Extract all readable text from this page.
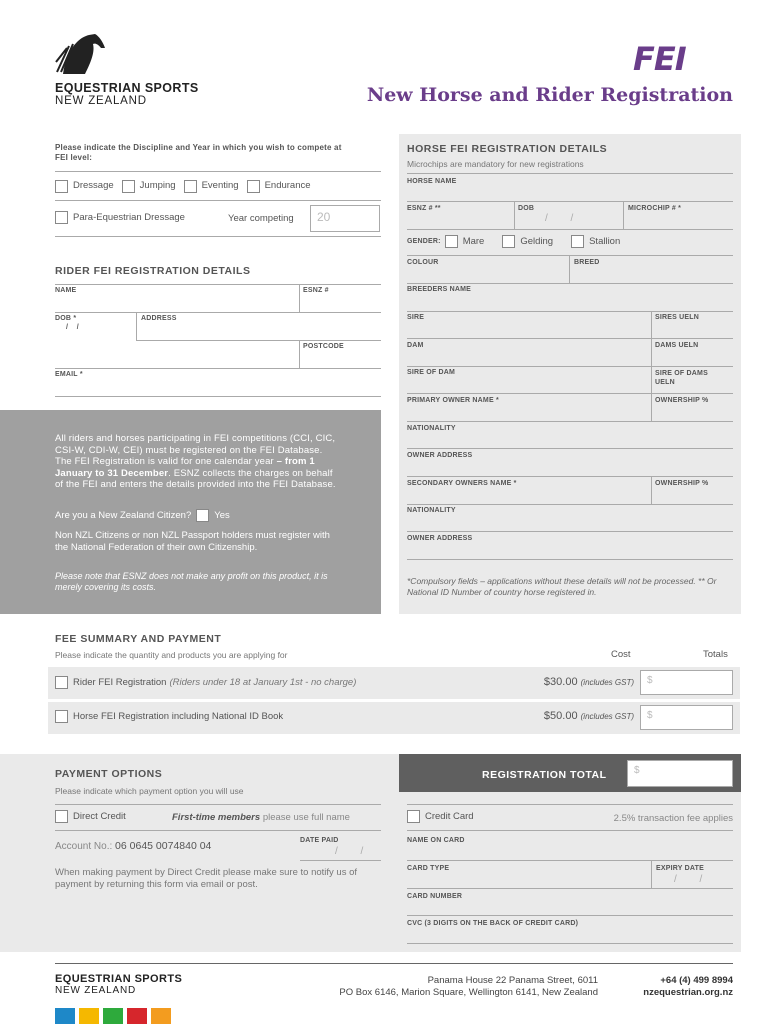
EQUESTRIAN SPORTS
NEW ZEALAND
FEI
New Horse and Rider Registration
Please indicate the Discipline and Year in which you wish to compete at FEI level:
Dressage	Jumping	Eventing	Endurance
Para-Equestrian Dressage	Year competing	20
RIDER FEI REGISTRATION DETAILS
NAME	ESNZ #
DOB *
/    /
ADDRESS
POSTCODE
EMAIL *
All riders and horses participating in FEI competitions (CCI, CIC, CSI-W, CDI-W, CEI) must be registered on the FEI Database. The FEI Registration is valid for one calendar year – from 1 January to 31 December. ESNZ collects the charges on behalf of the FEI and enters the details provided into the FEI Database.
Are you a New Zealand Citizen? Yes
Non NZL Citizens or non NZL Passport holders must register with the National Federation of their own Citizenship.
Please note that ESNZ does not make any profit on this product, it is merely covering its costs.
HORSE FEI REGISTRATION DETAILS
Microchips are mandatory for new registrations
HORSE NAME
ESNZ # **	DOB
/ /
MICROCHIP # *
GENDER: Mare	Gelding	Stallion
COLOUR	BREED
BREEDERS NAME
SIRE	SIRES UELN
DAM	DAMS UELN
SIRE OF DAM	SIRE OF DAMS
UELN
PRIMARY OWNER NAME *	OWNERSHIP %
NATIONALITY
OWNER ADDRESS
SECONDARY OWNERS NAME *	OWNERSHIP %
NATIONALITY
OWNER ADDRESS
*Compulsory fields – applications without these details will not be processed. ** Or National ID Number of country horse registered in.
FEE SUMMARY AND PAYMENT
Please indicate the quantity and products you are applying for	Cost	Totals
Rider FEI Registration (Riders under 18 at January 1st - no charge)	$30.00 (includes GST)	$
Horse FEI Registration including National ID Book	$50.00 (includes GST)	$
REGISTRATION TOTAL	$
PAYMENT OPTIONS
Please indicate which payment option you will use
Direct Credit	First-time members please use full name
Account No.: 06 0645 0074840 04	DATE PAID
/ /
When making payment by Direct Credit please make sure to notify us of payment by returning this form via email or post.
Credit Card	2.5% transaction fee applies
NAME ON CARD
CARD TYPE	EXPIRY DATE
/ /
CARD NUMBER
CVC (3 DIGITS ON THE BACK OF CREDIT CARD)
EQUESTRIAN SPORTS
NEW ZEALAND
Panama House 22 Panama Street, 6011
PO Box 6146, Marion Square, Wellington 6141, New Zealand
+64 (4) 499 8994
nzequestrian.org.nz
